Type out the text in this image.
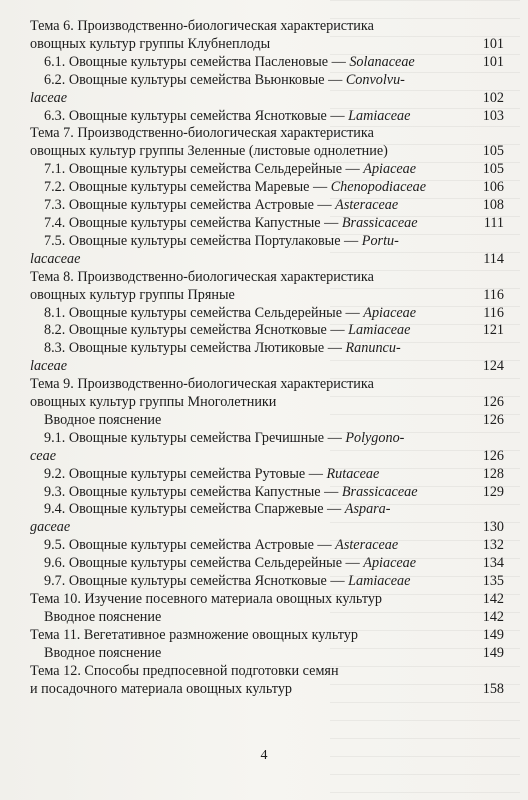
Тема 6. Производственно-биологическая характеристика
овощных культур группы Клубнеплоды	101
6.1. Овощные культуры семейства Пасленовые — Solanaceae	101
6.2. Овощные культуры семейства Вьюнковые — Convolvu-
laceae	102
6.3. Овощные культуры семейства Яснотковые — Lamiaceae	103
Тема 7. Производственно-биологическая характеристика
овощных культур группы Зеленные (листовые однолетние)	105
7.1. Овощные культуры семейства Сельдерейные — Apiaceae	105
7.2. Овощные культуры семейства Маревые — Chenopodiaceae	106
7.3. Овощные культуры семейства Астровые — Asteraceae	108
7.4. Овощные культуры семейства Капустные — Brassicaceae	111
7.5. Овощные культуры семейства Портулаковые — Portu-
lacaceae	114
Тема 8. Производственно-биологическая характеристика
овощных культур группы Пряные	116
8.1. Овощные культуры семейства Сельдерейные — Apiaceae	116
8.2. Овощные культуры семейства Яснотковые — Lamiaceae	121
8.3. Овощные культуры семейства Лютиковые — Ranuncu-
laceae	124
Тема 9. Производственно-биологическая характеристика
овощных культур группы Многолетники	126
Вводное пояснение	126
9.1. Овощные культуры семейства Гречишные — Polygono-
ceae	126
9.2. Овощные культуры семейства Рутовые — Rutaceae	128
9.3. Овощные культуры семейства Капустные — Brassicaceae	129
9.4. Овощные культуры семейства Спаржевые — Aspara-
gaceae	130
9.5. Овощные культуры семейства Астровые — Asteraceae	132
9.6. Овощные культуры семейства Сельдерейные — Apiaceae	134
9.7. Овощные культуры семейства Яснотковые — Lamiaceae	135
Тема 10. Изучение посевного материала овощных культур	142
Вводное пояснение	142
Тема 11. Вегетативное размножение овощных культур	149
Вводное пояснение	149
Тема 12. Способы предпосевной подготовки семян
и посадочного материала овощных культур	158
4
